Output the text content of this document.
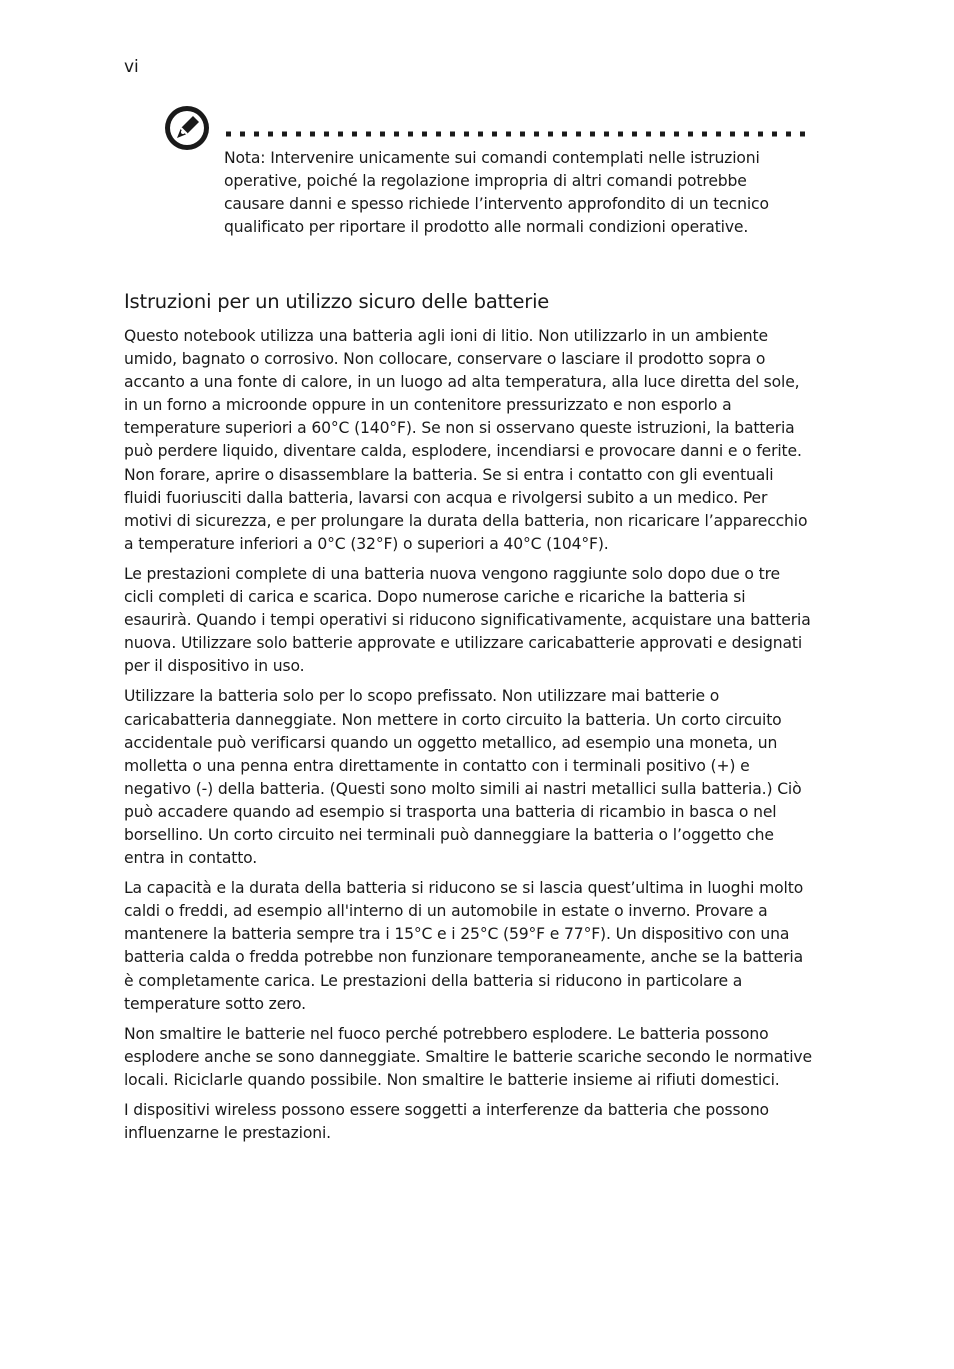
vi
Nota: Intervenire unicamente sui comandi contemplati nelle istruzioni operative, poiché la regolazione impropria di altri comandi potrebbe causare danni e spesso richiede l’intervento approfondito di un tecnico qualificato per riportare il prodotto alle normali condizioni operative.
Istruzioni per un utilizzo sicuro delle batterie

Questo notebook utilizza una batteria agli ioni di litio. Non utilizzarlo in un ambiente umido, bagnato o corrosivo. Non collocare, conservare o lasciare il prodotto sopra o accanto a una fonte di calore, in un luogo ad alta temperatura, alla luce diretta del sole, in un forno a microonde oppure in un contenitore pressurizzato e non esporlo a temperature superiori a 60°C (140°F). Se non si osservano queste istruzioni, la batteria può perdere liquido, diventare calda, esplodere, incendiarsi e provocare danni e o ferite. Non forare, aprire o disassemblare la batteria. Se si entra i contatto con gli eventuali fluidi fuoriusciti dalla batteria, lavarsi con acqua e rivolgersi subito a un medico. Per motivi di sicurezza, e per prolungare la durata della batteria, non ricaricare l’apparecchio a temperature inferiori a 0°C (32°F) o superiori a 40°C (104°F).

Le prestazioni complete di una batteria nuova vengono raggiunte solo dopo due o tre cicli completi di carica e scarica. Dopo numerose cariche e ricariche la batteria si esaurirà. Quando i tempi operativi si riducono significativamente, acquistare una batteria nuova. Utilizzare solo batterie approvate e utilizzare caricabatterie approvati e designati per il dispositivo in uso.

Utilizzare la batteria solo per lo scopo prefissato. Non utilizzare mai batterie o caricabatteria danneggiate. Non mettere in corto circuito la batteria. Un corto circuito accidentale può verificarsi quando un oggetto metallico, ad esempio una moneta, un molletta o una penna entra direttamente in contatto con i terminali positivo (+) e negativo (-) della batteria. (Questi sono molto simili ai nastri metallici sulla batteria.) Ciò può accadere quando ad esempio si trasporta una batteria di ricambio in basca o nel borsellino. Un corto circuito nei terminali può danneggiare la batteria o l’oggetto che entra in contatto.

La capacità e la durata della batteria si riducono se si lascia quest’ultima in luoghi molto caldi o freddi, ad esempio all'interno di un automobile in estate o inverno. Provare a mantenere la batteria sempre tra i 15°C e i 25°C (59°F e 77°F). Un dispositivo con una batteria calda o fredda potrebbe non funzionare temporaneamente, anche se la batteria è completamente carica. Le prestazioni della batteria si riducono in particolare a temperature sotto zero.

Non smaltire le batterie nel fuoco perché potrebbero esplodere. Le batteria possono esplodere anche se sono danneggiate. Smaltire le batterie scariche secondo le normative locali. Riciclarle quando possibile. Non smaltire le batterie insieme ai rifiuti domestici.

I dispositivi wireless possono essere soggetti a interferenze da batteria che possono influenzarne le prestazioni.
